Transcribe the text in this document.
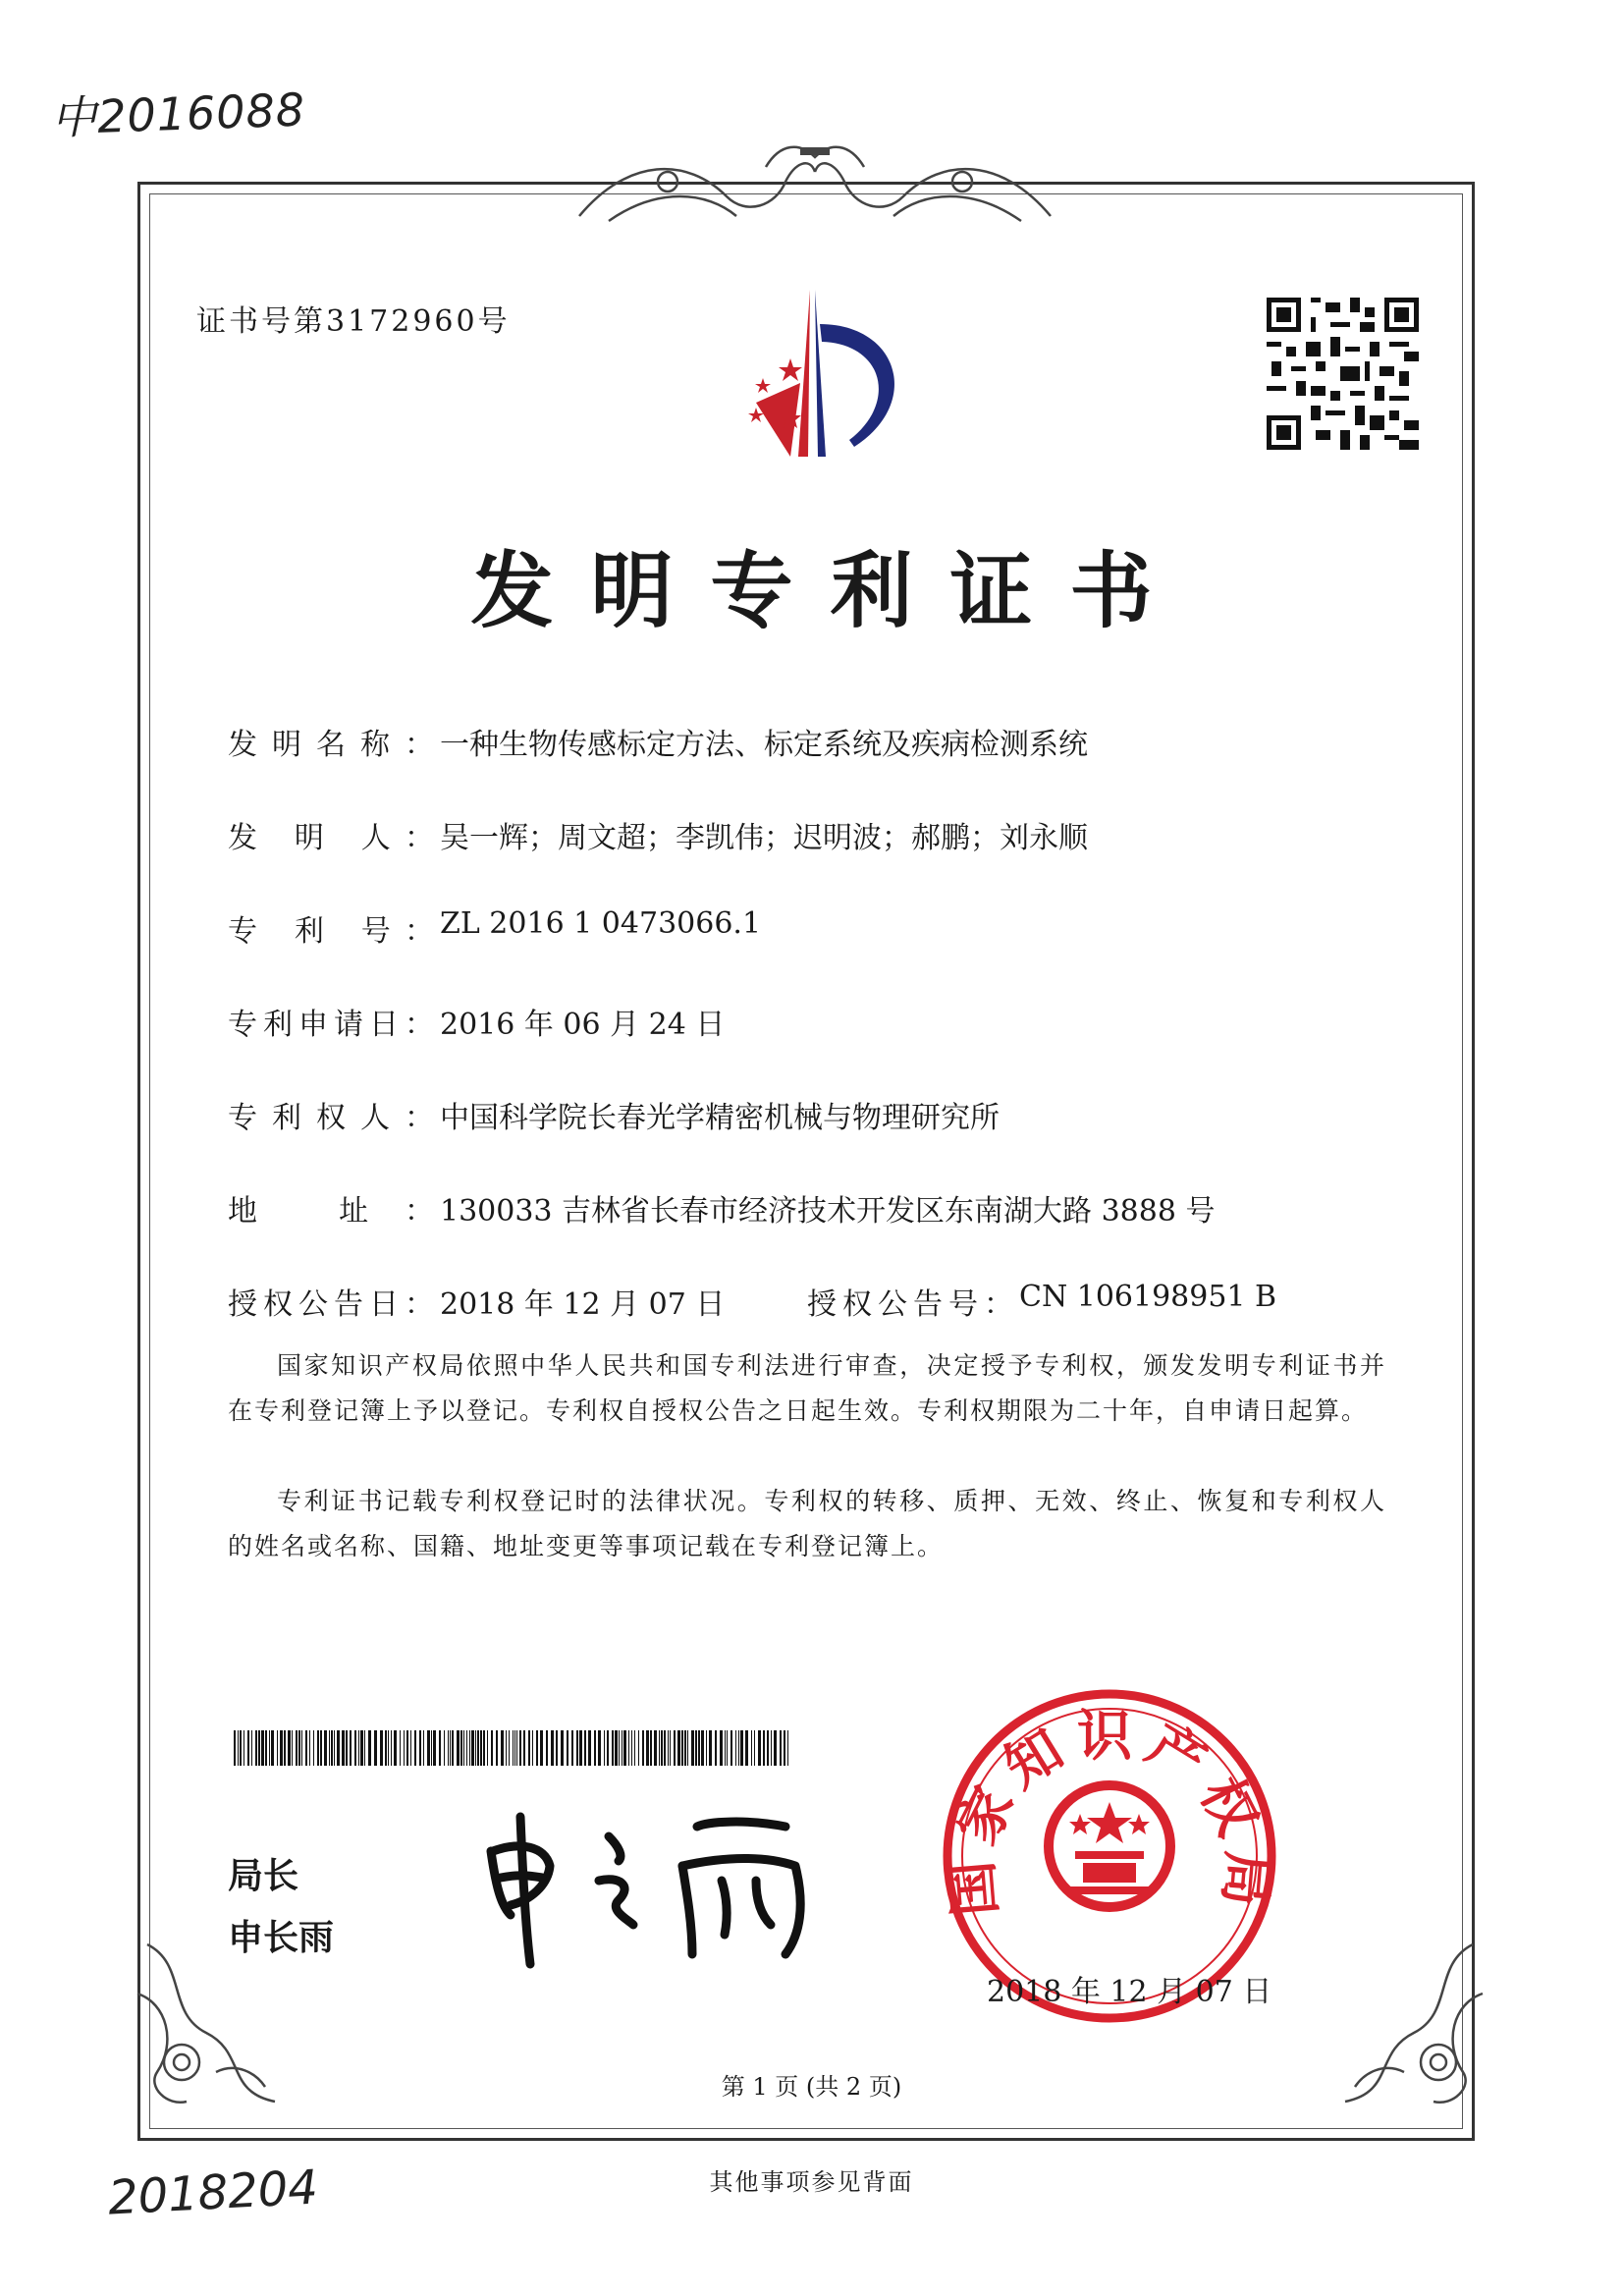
中2016088
证书号第3172960号
发明专利证书
发明名称： 一种生物传感标定方法、标定系统及疾病检测系统
发 明 人： 吴一辉；周文超；李凯伟；迟明波；郝鹏；刘永顺
专 利 号： ZL 2016 1 0473066.1
专利申请日： 2016 年 06 月 24 日
专利权人： 中国科学院长春光学精密机械与物理研究所
地 址： 130033 吉林省长春市经济技术开发区东南湖大路 3888 号
授权公告日： 2018 年 12 月 07 日	授权公告号： CN 106198951 B
国家知识产权局依照中华人民共和国专利法进行审查，决定授予专利权，颁发发明专利证书并在专利登记簿上予以登记。专利权自授权公告之日起生效。专利权期限为二十年，自申请日起算。
专利证书记载专利权登记时的法律状况。专利权的转移、质押、无效、终止、恢复和专利权人的姓名或名称、国籍、地址变更等事项记载在专利登记簿上。
局长
申长雨
国家知识产权局
2018 年 12 月 07 日
第 1 页 (共 2 页)
其他事项参见背面
2018204
